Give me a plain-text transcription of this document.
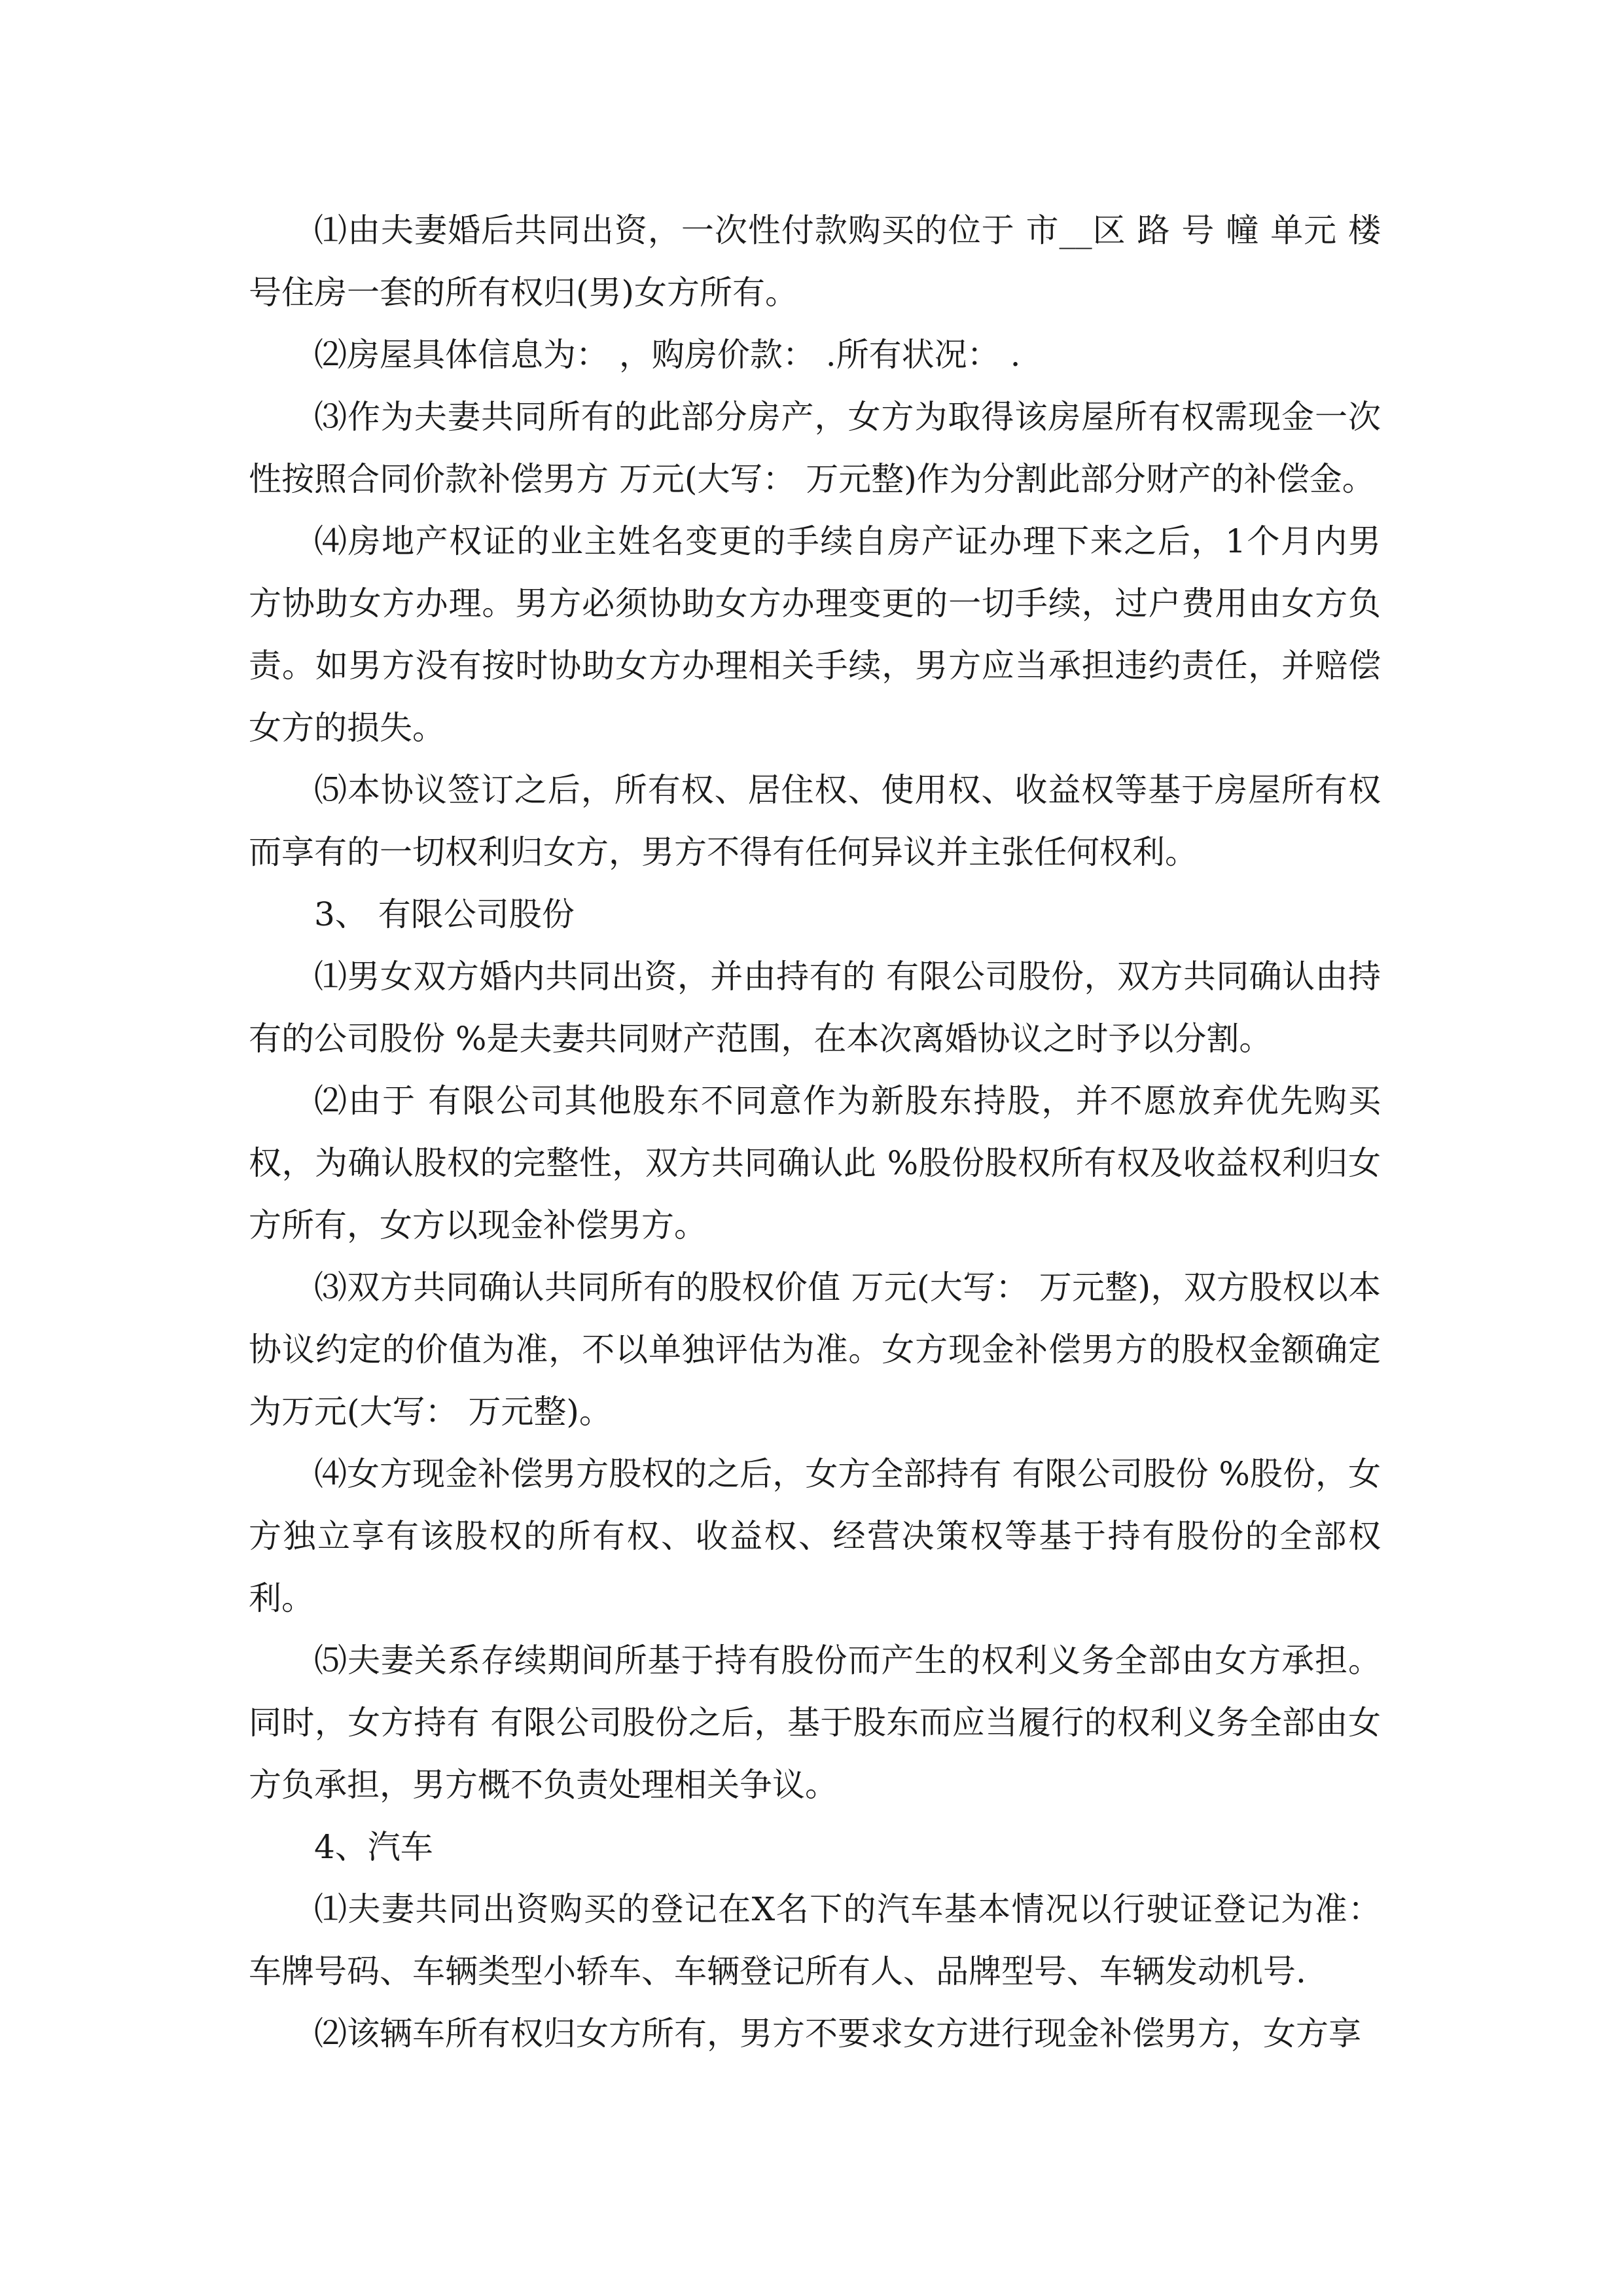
⑴由夫妻婚后共同出资，一次性付款购买的位于 市__区 路 号 幢 单元 楼号住房一套的所有权归(男)女方所有。

⑵房屋具体信息为： ，购房价款： .所有状况： .

⑶作为夫妻共同所有的此部分房产，女方为取得该房屋所有权需现金一次性按照合同价款补偿男方 万元(大写： 万元整)作为分割此部分财产的补偿金。

⑷房地产权证的业主姓名变更的手续自房产证办理下来之后，1个月内男方协助女方办理。男方必须协助女方办理变更的一切手续，过户费用由女方负责。如男方没有按时协助女方办理相关手续，男方应当承担违约责任，并赔偿女方的损失。

⑸本协议签订之后，所有权、居住权、使用权、收益权等基于房屋所有权而享有的一切权利归女方，男方不得有任何异议并主张任何权利。

3、 有限公司股份

⑴男女双方婚内共同出资，并由持有的 有限公司股份，双方共同确认由持有的公司股份 %是夫妻共同财产范围，在本次离婚协议之时予以分割。

⑵由于 有限公司其他股东不同意作为新股东持股，并不愿放弃优先购买权，为确认股权的完整性，双方共同确认此 %股份股权所有权及收益权利归女方所有，女方以现金补偿男方。

⑶双方共同确认共同所有的股权价值 万元(大写： 万元整)，双方股权以本协议约定的价值为准，不以单独评估为准。女方现金补偿男方的股权金额确定为万元(大写： 万元整)。

⑷女方现金补偿男方股权的之后，女方全部持有 有限公司股份 %股份，女方独立享有该股权的所有权、收益权、经营决策权等基于持有股份的全部权利。

⑸夫妻关系存续期间所基于持有股份而产生的权利义务全部由女方承担。同时，女方持有 有限公司股份之后，基于股东而应当履行的权利义务全部由女方负承担，男方概不负责处理相关争议。

4、汽车

⑴夫妻共同出资购买的登记在X名下的汽车基本情况以行驶证登记为准：车牌号码、车辆类型小轿车、车辆登记所有人、品牌型号、车辆发动机号.

⑵该辆车所有权归女方所有，男方不要求女方进行现金补偿男方，女方享
